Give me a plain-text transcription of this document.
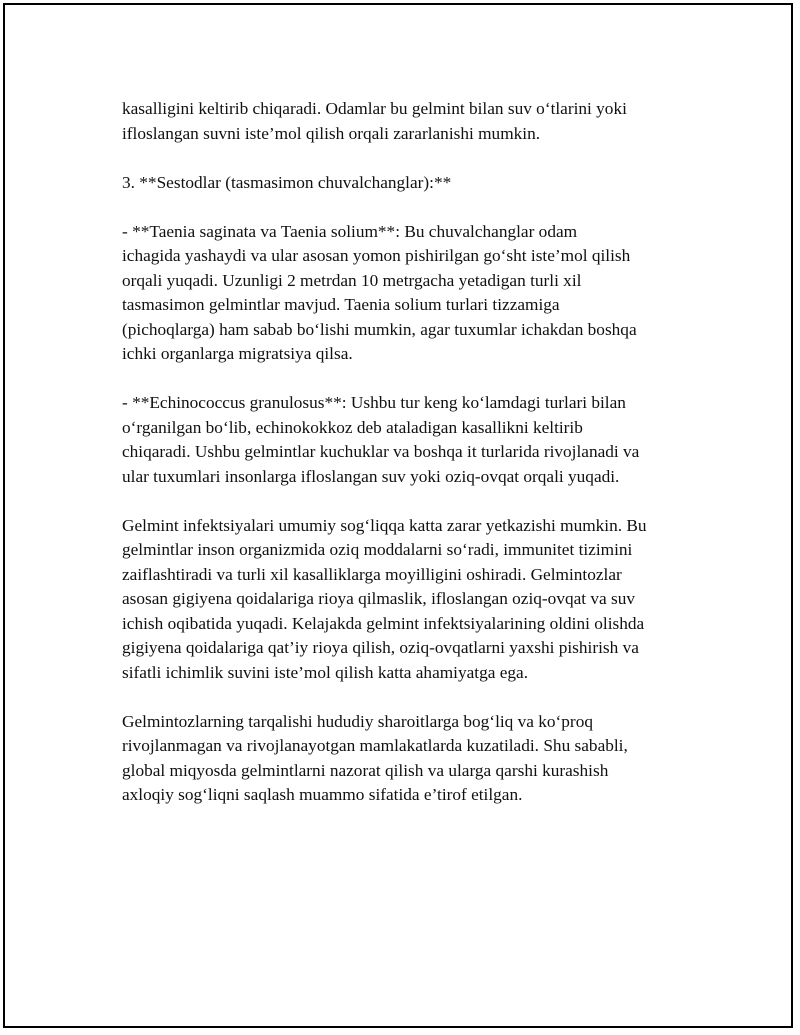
kasalligini keltirib chiqaradi. Odamlar bu gelmint bilan suv o‘tlarini yoki
ifloslangan suvni iste’mol qilish orqali zararlanishi mumkin.

3. **Sestodlar (tasmasimon chuvalchanglar):**

- **Taenia saginata va Taenia solium**: Bu chuvalchanglar odam
ichagida yashaydi va ular asosan yomon pishirilgan go‘sht iste’mol qilish
orqali yuqadi. Uzunligi 2 metrdan 10 metrgacha yetadigan turli xil
tasmasimon gelmintlar mavjud. Taenia solium turlari tizzamiga
(pichoqlarga) ham sabab bo‘lishi mumkin, agar tuxumlar ichakdan boshqa
ichki organlarga migratsiya qilsa.

- **Echinococcus granulosus**: Ushbu tur keng ko‘lamdagi turlari bilan
o‘rganilgan bo‘lib, echinokokkoz deb ataladigan kasallikni keltirib
chiqaradi. Ushbu gelmintlar kuchuklar va boshqa it turlarida rivojlanadi va
ular tuxumlari insonlarga ifloslangan suv yoki oziq-ovqat orqali yuqadi.

Gelmint infektsiyalari umumiy sog‘liqqa katta zarar yetkazishi mumkin. Bu
gelmintlar inson organizmida oziq moddalarni so‘radi, immunitet tizimini
zaiflashtiradi va turli xil kasalliklarga moyilligini oshiradi. Gelmintozlar
asosan gigiyena qoidalariga rioya qilmaslik, ifloslangan oziq-ovqat va suv
ichish oqibatida yuqadi. Kelajakda gelmint infektsiyalarining oldini olishda
gigiyena qoidalariga qat’iy rioya qilish, oziq-ovqatlarni yaxshi pishirish va
sifatli ichimlik suvini iste’mol qilish katta ahamiyatga ega.

Gelmintozlarning tarqalishi hududiy sharoitlarga bog‘liq va ko‘proq
rivojlanmagan va rivojlanayotgan mamlakatlarda kuzatiladi. Shu sababli,
global miqyosda gelmintlarni nazorat qilish va ularga qarshi kurashish
axloqiy sog‘liqni saqlash muammo sifatida e’tirof etilgan.
